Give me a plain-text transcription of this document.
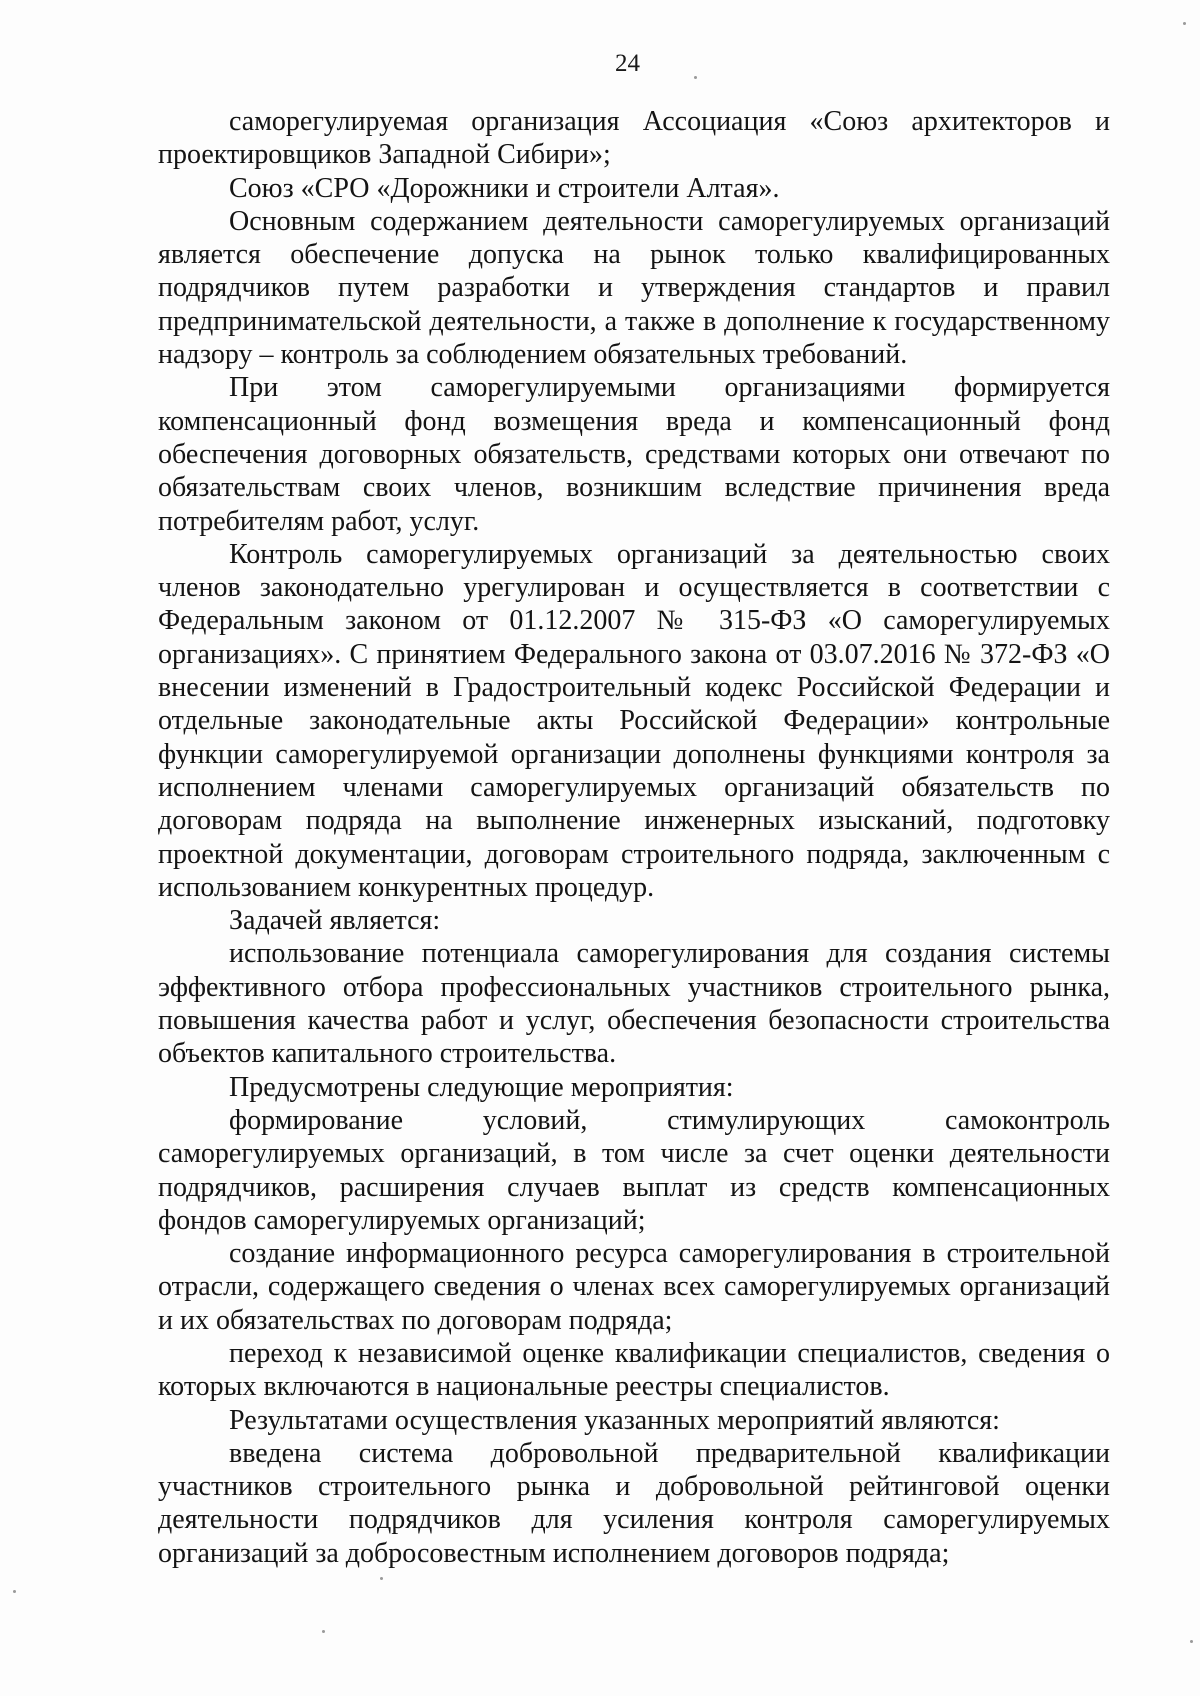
24

саморегулируемая организация Ассоциация «Союз архитекторов и проектировщиков Западной Сибири»;

Союз «СРО «Дорожники и строители Алтая».

Основным содержанием деятельности саморегулируемых организаций является обеспечение допуска на рынок только квалифицированных подрядчиков путем разработки и утверждения стандартов и правил предпринимательской деятельности, а также в дополнение к государственному надзору – контроль за соблюдением обязательных требований.

При этом саморегулируемыми организациями формируется компенсационный фонд возмещения вреда и компенсационный фонд обеспечения договорных обязательств, средствами которых они отвечают по обязательствам своих членов, возникшим вследствие причинения вреда потребителям работ, услуг.

Контроль саморегулируемых организаций за деятельностью своих членов законодательно урегулирован и осуществляется в соответствии с Федеральным законом от 01.12.2007 № 315-ФЗ «О саморегулируемых организациях». С принятием Федерального закона от 03.07.2016 № 372-ФЗ «О внесении изменений в Градостроительный кодекс Российской Федерации и отдельные законодательные акты Российской Федерации» контрольные функции саморегулируемой организации дополнены функциями контроля за исполнением членами саморегулируемых организаций обязательств по договорам подряда на выполнение инженерных изысканий, подготовку проектной документации, договорам строительного подряда, заключенным с использованием конкурентных процедур.

Задачей является:

использование потенциала саморегулирования для создания системы эффективного отбора профессиональных участников строительного рынка, повышения качества работ и услуг, обеспечения безопасности строительства объектов капитального строительства.

Предусмотрены следующие мероприятия:

формирование условий, стимулирующих самоконтроль саморегулируемых организаций, в том числе за счет оценки деятельности подрядчиков, расширения случаев выплат из средств компенсационных фондов саморегулируемых организаций;

создание информационного ресурса саморегулирования в строительной отрасли, содержащего сведения о членах всех саморегулируемых организаций и их обязательствах по договорам подряда;

переход к независимой оценке квалификации специалистов, сведения о которых включаются в национальные реестры специалистов.

Результатами осуществления указанных мероприятий являются:

введена система добровольной предварительной квалификации участников строительного рынка и добровольной рейтинговой оценки деятельности подрядчиков для усиления контроля саморегулируемых организаций за добросовестным исполнением договоров подряда;
